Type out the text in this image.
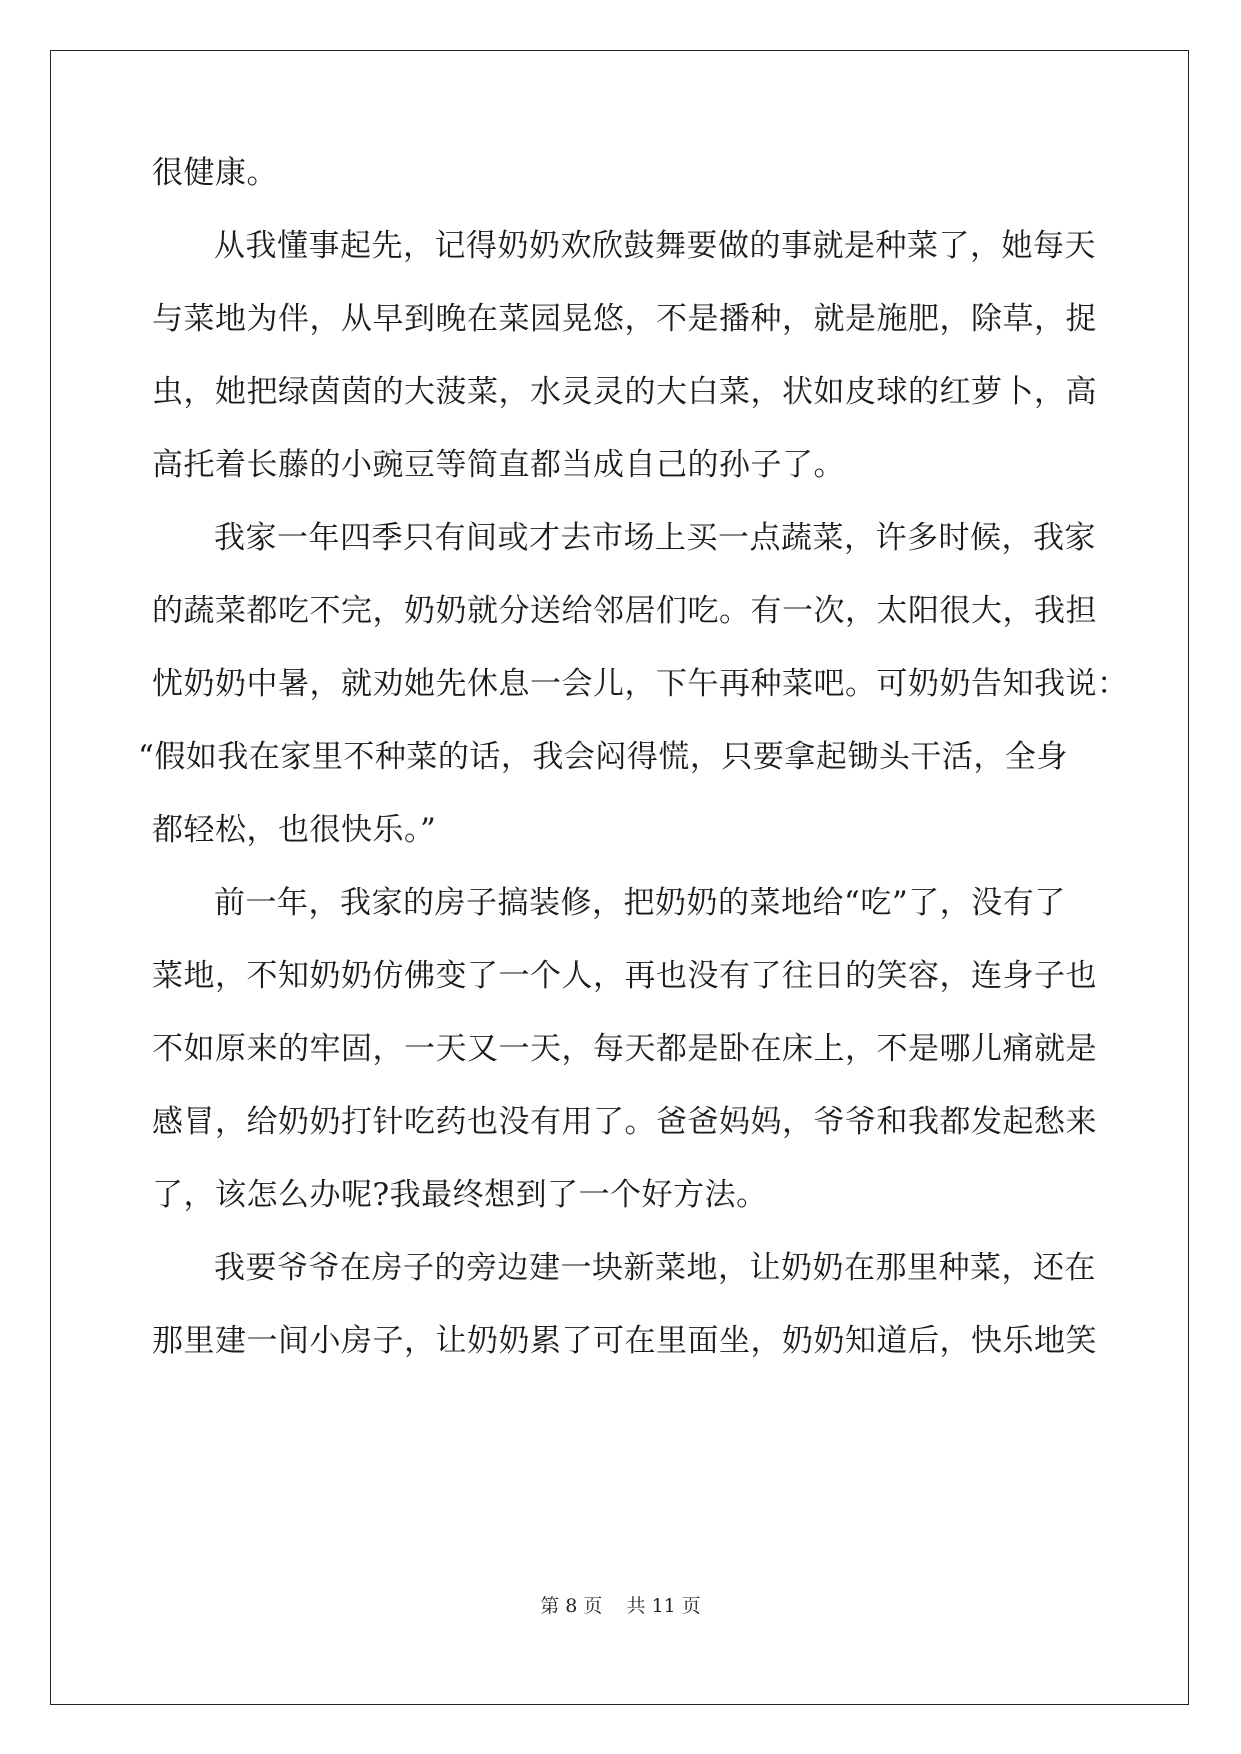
很健康。

从我懂事起先，记得奶奶欢欣鼓舞要做的事就是种菜了，她每天

与菜地为伴，从早到晚在菜园晃悠，不是播种，就是施肥，除草，捉

虫，她把绿茵茵的大菠菜，水灵灵的大白菜，状如皮球的红萝卜，高

高托着长藤的小豌豆等简直都当成自己的孙子了。

我家一年四季只有间或才去市场上买一点蔬菜，许多时候，我家

的蔬菜都吃不完，奶奶就分送给邻居们吃。有一次，太阳很大，我担

忧奶奶中暑，就劝她先休息一会儿，下午再种菜吧。可奶奶告知我说：

“假如我在家里不种菜的话，我会闷得慌，只要拿起锄头干活，全身

都轻松，也很快乐。”

前一年，我家的房子搞装修，把奶奶的菜地给“吃”了，没有了

菜地，不知奶奶仿佛变了一个人，再也没有了往日的笑容，连身子也

不如原来的牢固，一天又一天，每天都是卧在床上，不是哪儿痛就是

感冒，给奶奶打针吃药也没有用了。爸爸妈妈，爷爷和我都发起愁来

了，该怎么办呢?我最终想到了一个好方法。

我要爷爷在房子的旁边建一块新菜地，让奶奶在那里种菜，还在

那里建一间小房子，让奶奶累了可在里面坐，奶奶知道后，快乐地笑

第 8 页 共 11 页
